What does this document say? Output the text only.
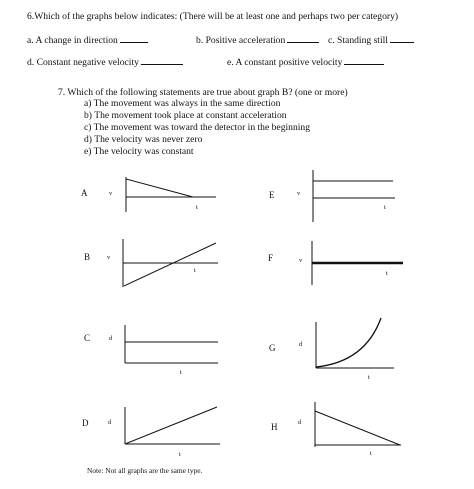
6.Which of the graphs below indicates: (There will be at least one and perhaps two per category)
a. A change in direction	b. Positive acceleration	c. Standing still
d. Constant negative velocity	e. A constant positive velocity
7. Which of the following statements are true about graph B? (one or more)
a) The movement was always in the same direction
b) The movement took place at constant acceleration
c) The movement was toward the detector in the beginning
d) The velocity was never zero
e) The velocity was constant
A	E
B	F
C
G
D	H
v
t
v
t
v
t
v
t
d
t
d
t
d
t
d
t
Note: Not all graphs are the same type.
